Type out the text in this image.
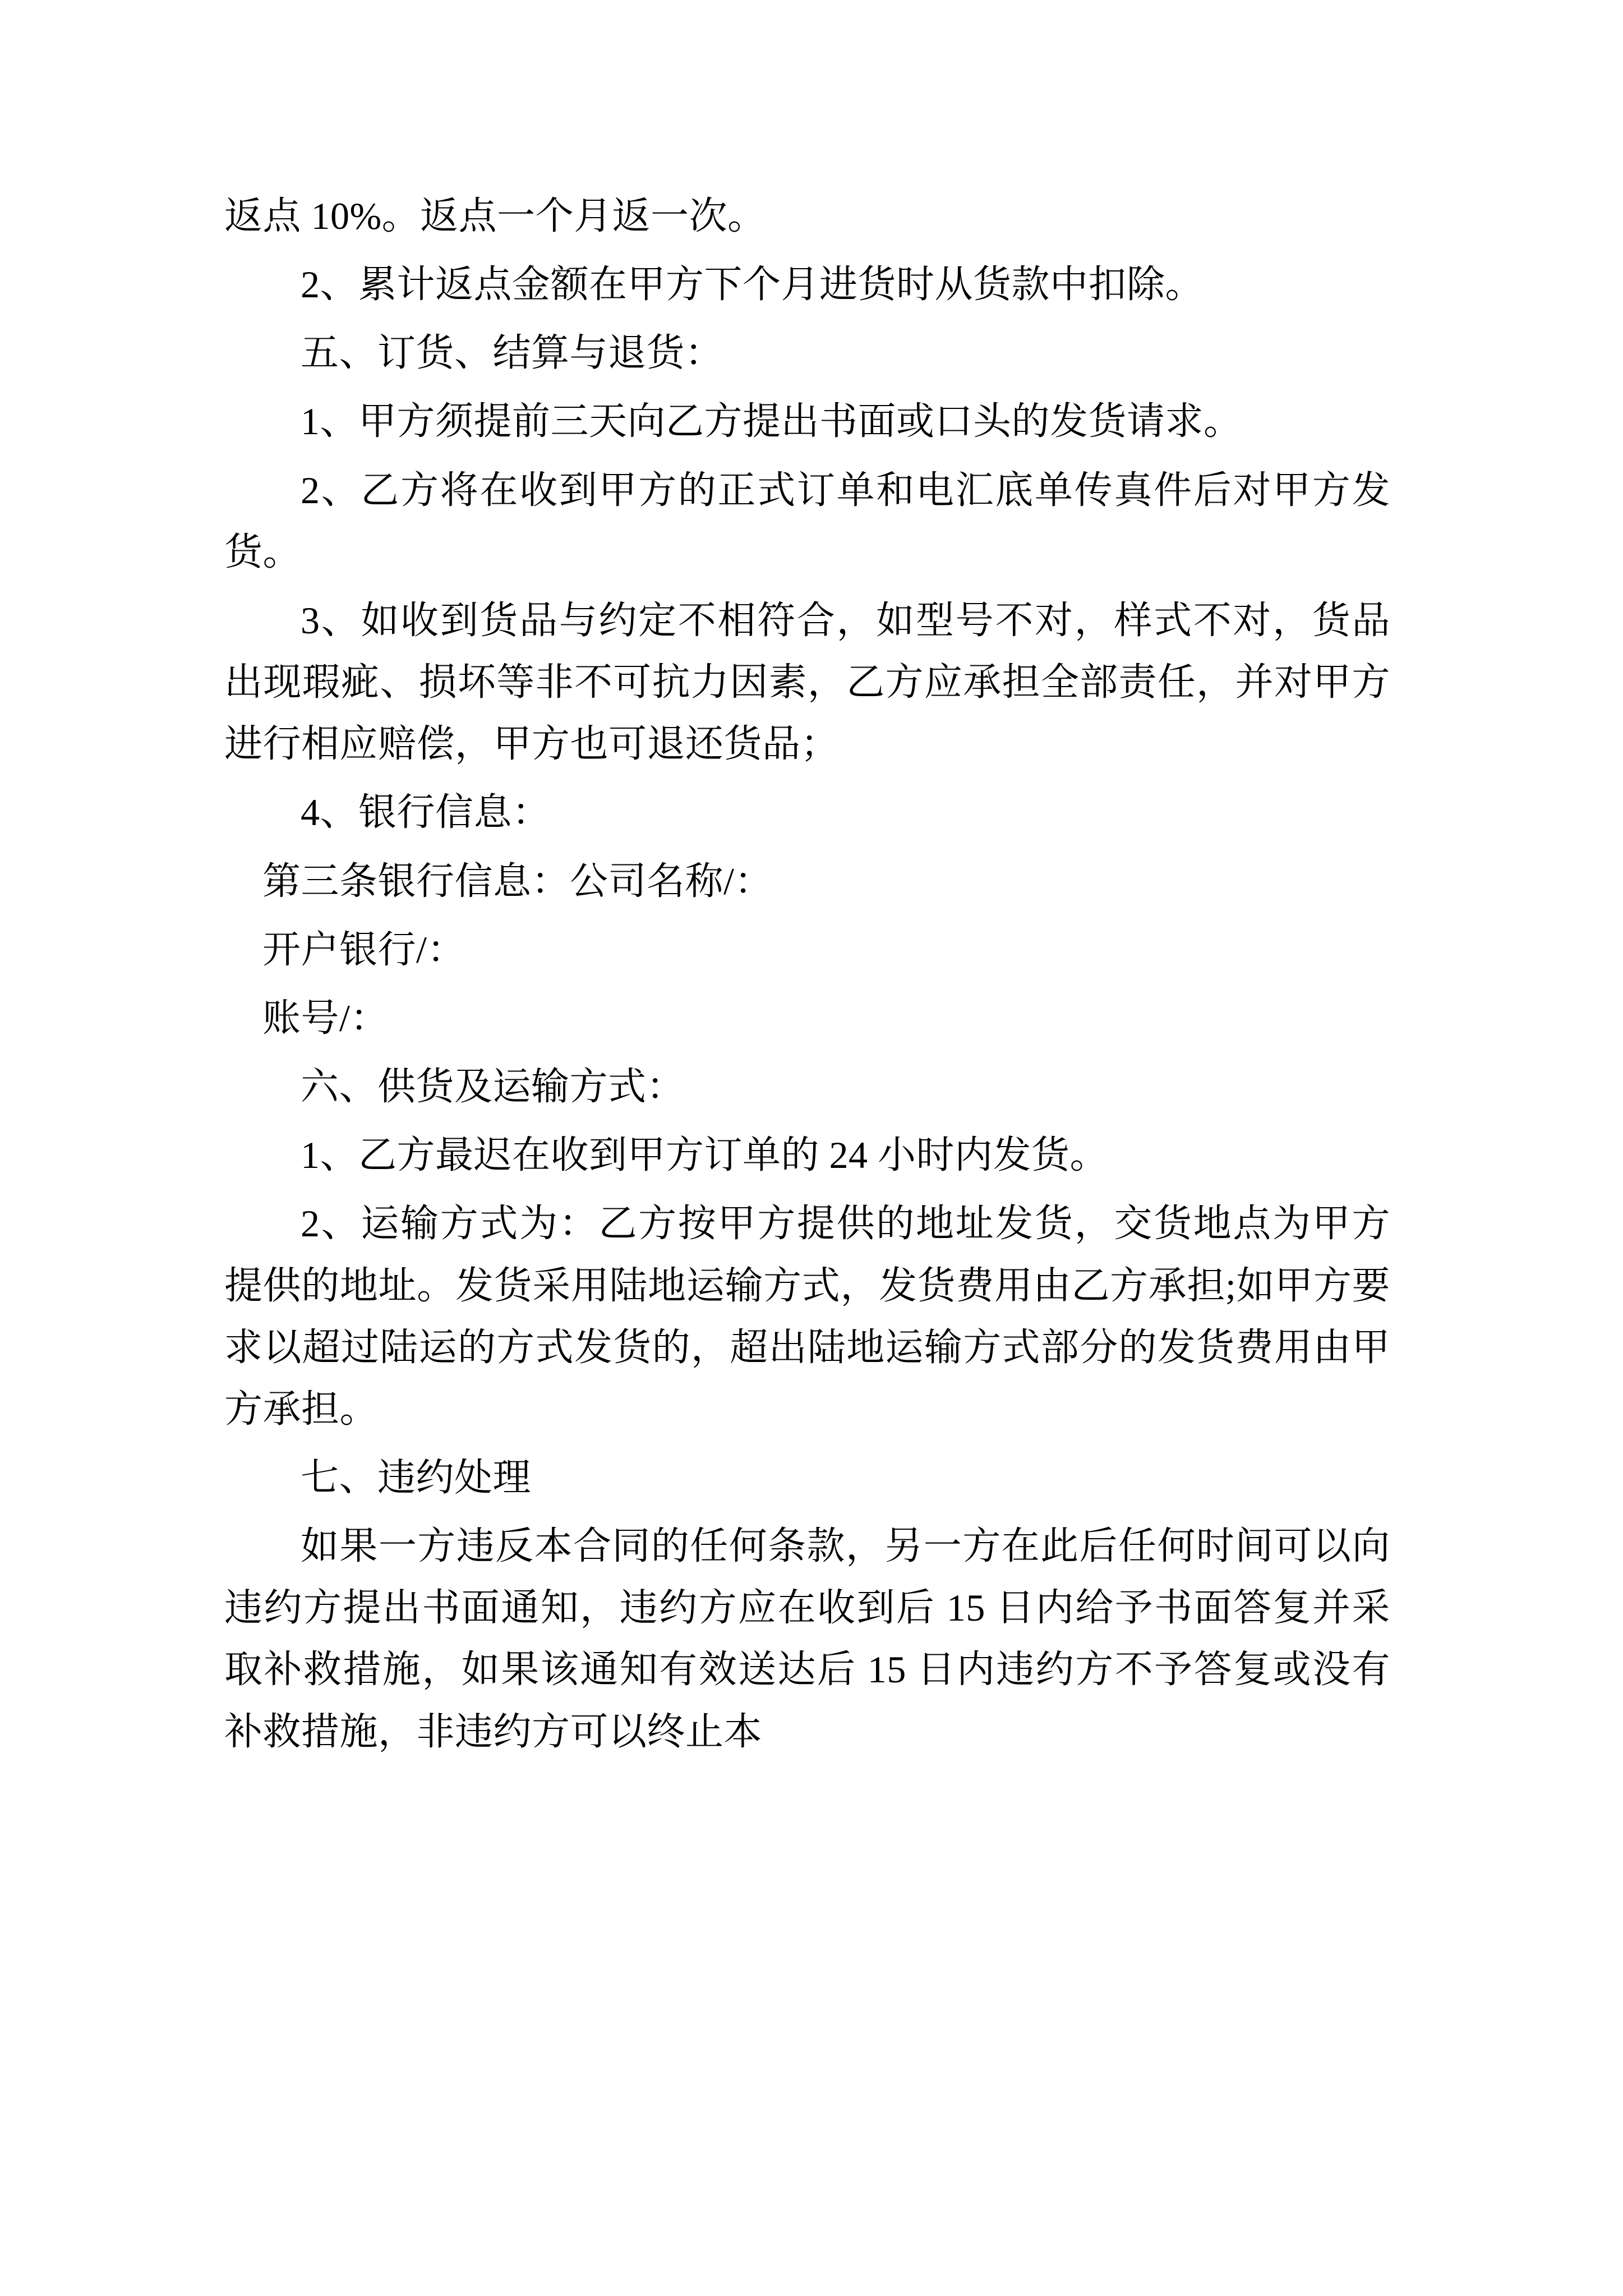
返点 10%。返点一个月返一次。

2、累计返点金额在甲方下个月进货时从货款中扣除。

五、订货、结算与退货：

1、甲方须提前三天向乙方提出书面或口头的发货请求。

2、乙方将在收到甲方的正式订单和电汇底单传真件后对甲方发货。

3、如收到货品与约定不相符合，如型号不对，样式不对，货品出现瑕疵、损坏等非不可抗力因素，乙方应承担全部责任，并对甲方进行相应赔偿，甲方也可退还货品；

4、银行信息：

第三条银行信息：公司名称/：

开户银行/：

账号/：

六、供货及运输方式：

1、乙方最迟在收到甲方订单的 24 小时内发货。

2、运输方式为：乙方按甲方提供的地址发货，交货地点为甲方提供的地址。发货采用陆地运输方式，发货费用由乙方承担;如甲方要求以超过陆运的方式发货的，超出陆地运输方式部分的发货费用由甲方承担。

七、违约处理

如果一方违反本合同的任何条款，另一方在此后任何时间可以向违约方提出书面通知，违约方应在收到后 15 日内给予书面答复并采取补救措施，如果该通知有效送达后 15 日内违约方不予答复或没有补救措施，非违约方可以终止本
